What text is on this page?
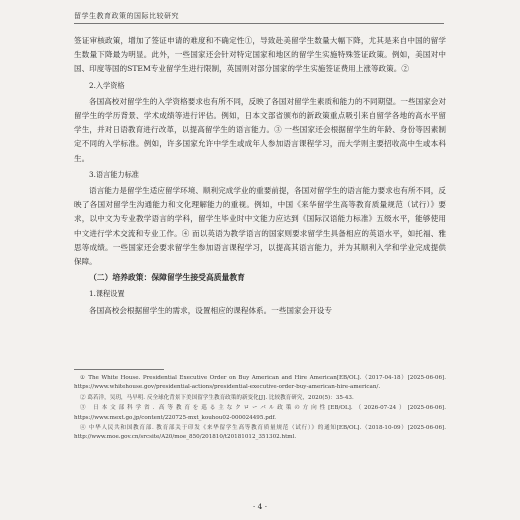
留学生教育政策的国际比较研究

签证审核政策，增加了签证申请的难度和不确定性①，导致赴美留学生数量大幅下降，尤其是来自中国的留学生数量下降最为明显。此外，一些国家还会针对特定国家和地区的留学生实施特殊签证政策。例如，美国对中国、印度等国的STEM专业留学生进行限制，英国则对部分国家的学生实施签证费用上涨等政策。②

2.入学资格

各国高校对留学生的入学资格要求也有所不同，反映了各国对留学生素质和能力的不同期望。一些国家会对留学生的学历背景、学术成绩等进行评估。例如，日本文部省颁布的新政策重点吸引来自留学各地的高水平留学生，并对日语教育进行改革，以提高留学生的语言能力。③ 一些国家还会根据留学生的年龄、身份等因素制定不同的入学标准。例如，许多国家允许中学生或成年人参加语言课程学习，而大学则主要招收高中生或本科生。

3.语言能力标准

语言能力是留学生适应留学环境、顺利完成学业的重要前提，各国对留学生的语言能力要求也有所不同，反映了各国对留学生沟通能力和文化理解能力的重视。例如，中国《来华留学生高等教育质量规范（试行）》要求，以中文为专业教学语言的学科，留学生毕业时中文能力应达到《国际汉语能力标准》五级水平，能够使用中文进行学术交流和专业工作。④ 而以英语为教学语言的国家则要求留学生具备相应的英语水平，如托福、雅思等成绩。一些国家还会要求留学生参加语言课程学习，以提高其语言能力，并为其顺利入学和学业完成提供保障。

（二）培养政策：保障留学生接受高质量教育

1.课程设置

各国高校会根据留学生的需求，设置相应的课程体系。一些国家会开设专

① The White House. Presidential Executive Order on Buy American and Hire American[EB/OL].（2017-04-18）[2025-06-06]. https://www.whitehouse.gov/presidential-actions/presidential-executive-order-buy-american-hire-american/.

② 葛若洋，吴玥，马早明. 反全球化背景下美国留学生教育政策的新变化[J]. 比较教育研究，2020(5)：35-43.

③ 日本文部科学省. 高等教育を巡る主なクローバル政策の方向性[EB/OL].（2026-07-24）[2025-06-06]. https://www.mext.go.jp/content/220725-mxt_kouhou02-000024495.pdf.

④ 中华人民共和国教育部. 教育部关于印发《来华留学生高等教育质量规范（试行）》的通知[EB/OL].（2018-10-09）[2025-06-06]. http://www.moe.gov.cn/srcsite/A20/moe_850/201810/t20181012_351302.html.

· 4 ·
